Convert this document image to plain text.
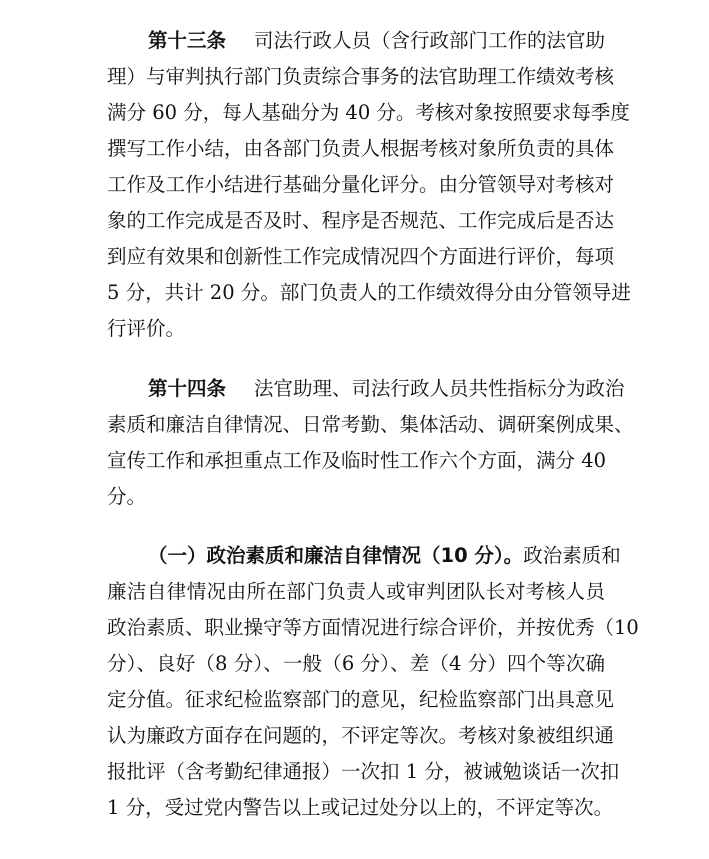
第十三条 司法行政人员（含行政部门工作的法官助
理）与审判执行部门负责综合事务的法官助理工作绩效考核
满分 60 分，每人基础分为 40 分。考核对象按照要求每季度
撰写工作小结，由各部门负责人根据考核对象所负责的具体
工作及工作小结进行基础分量化评分。由分管领导对考核对
象的工作完成是否及时、程序是否规范、工作完成后是否达
到应有效果和创新性工作完成情况四个方面进行评价，每项
5 分，共计 20 分。部门负责人的工作绩效得分由分管领导进
行评价。
第十四条 法官助理、司法行政人员共性指标分为政治
素质和廉洁自律情况、日常考勤、集体活动、调研案例成果、
宣传工作和承担重点工作及临时性工作六个方面，满分 40
分。
（一）政治素质和廉洁自律情况（10 分）。政治素质和
廉洁自律情况由所在部门负责人或审判团队长对考核人员
政治素质、职业操守等方面情况进行综合评价，并按优秀（10
分）、良好（8 分）、一般（6 分）、差（4 分）四个等次确
定分值。征求纪检监察部门的意见，纪检监察部门出具意见
认为廉政方面存在问题的，不评定等次。考核对象被组织通
报批评（含考勤纪律通报）一次扣 1 分，被诫勉谈话一次扣
1 分，受过党内警告以上或记过处分以上的，不评定等次。
